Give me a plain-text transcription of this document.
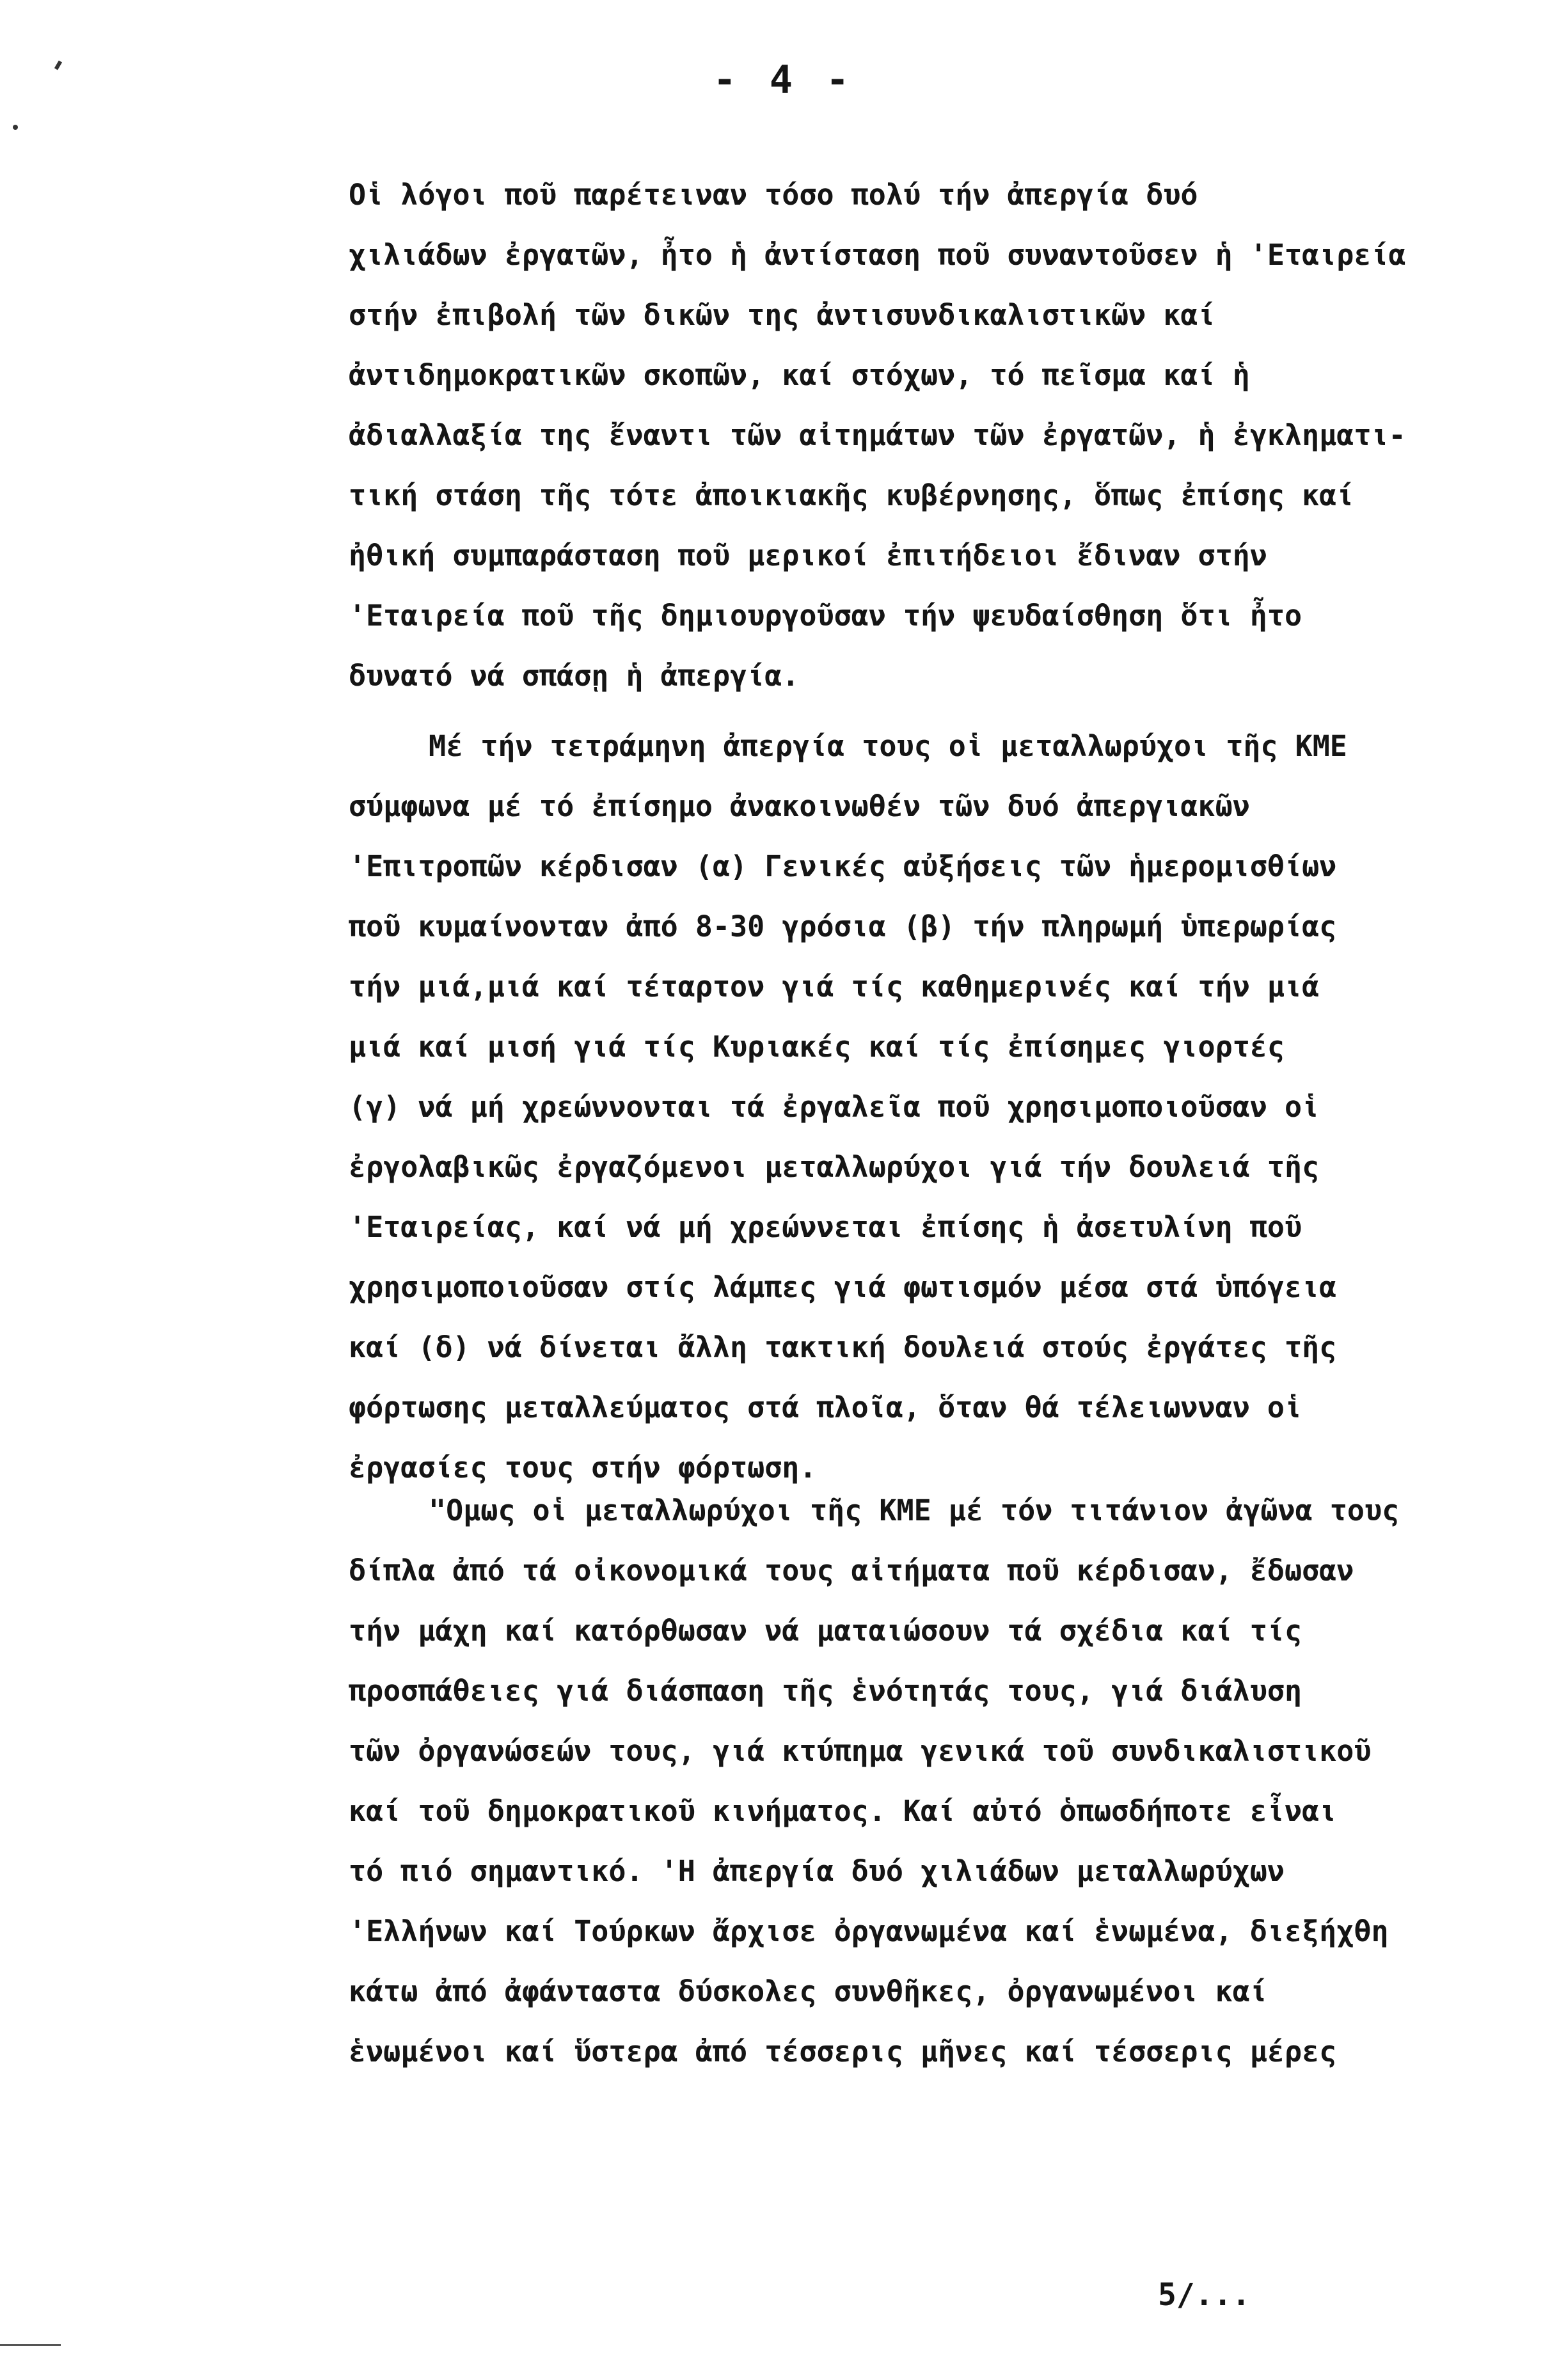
- 4 -

Οἱ λόγοι ποῦ παρέτειναν τόσο πολύ τήν ἀπεργία δυό
χιλιάδων ἐργατῶν, ἦτο ἡ ἀντίσταση ποῦ συναντοῦσεν ἡ 'Εταιρεία
στήν ἐπιβολή τῶν δικῶν της ἀντισυνδικαλιστικῶν καί
ἀντιδημοκρατικῶν σκοπῶν, καί στόχων, τό πεῖσμα καί ἡ
ἀδιαλλαξία της ἔναντι τῶν αἰτημάτων τῶν ἐργατῶν, ἡ ἐγκληματι-
τική στάση τῆς τότε ἀποικιακῆς κυβέρνησης, ὅπως ἐπίσης καί
ἠθική συμπαράσταση ποῦ μερικοί ἐπιτήδειοι ἔδιναν στήν
'Εταιρεία ποῦ τῆς δημιουργοῦσαν τήν ψευδαίσθηση ὅτι ἦτο
δυνατό νά σπάσῃ ἡ ἀπεργία.

Μέ τήν τετράμηνη ἀπεργία τους οἱ μεταλλωρύχοι τῆς ΚΜΕ
σύμφωνα μέ τό ἐπίσημο ἀνακοινωθέν τῶν δυό ἀπεργιακῶν
'Επιτροπῶν κέρδισαν (α) Γενικές αὐξήσεις τῶν ἡμερομισθίων
ποῦ κυμαίνονταν ἀπό 8-30 γρόσια (β) τήν πληρωμή ὑπερωρίας
τήν μιά,μιά καί τέταρτον γιά τίς καθημερινές καί τήν μιά
μιά καί μισή γιά τίς Κυριακές καί τίς ἐπίσημες γιορτές
(γ) νά μή χρεώννονται τά ἐργαλεῖα ποῦ χρησιμοποιοῦσαν οἱ
ἐργολαβικῶς ἐργαζόμενοι μεταλλωρύχοι γιά τήν δουλειά τῆς
'Εταιρείας, καί νά μή χρεώννεται ἐπίσης ἡ ἀσετυλίνη ποῦ
χρησιμοποιοῦσαν στίς λάμπες γιά φωτισμόν μέσα στά ὑπόγεια
καί (δ) νά δίνεται ἄλλη τακτική δουλειά στούς ἐργάτες τῆς
φόρτωσης μεταλλεύματος στά πλοῖα, ὅταν θά τέλειωνναν οἱ
ἐργασίες τους στήν φόρτωση.

"Ομως οἱ μεταλλωρύχοι τῆς ΚΜΕ μέ τόν τιτάνιον ἀγῶνα τους
δίπλα ἀπό τά οἰκονομικά τους αἰτήματα ποῦ κέρδισαν, ἔδωσαν
τήν μάχη καί κατόρθωσαν νά ματαιώσουν τά σχέδια καί τίς
προσπάθειες γιά διάσπαση τῆς ἑνότητάς τους, γιά διάλυση
τῶν ὀργανώσεών τους, γιά κτύπημα γενικά τοῦ συνδικαλιστικοῦ
καί τοῦ δημοκρατικοῦ κινήματος. Καί αὐτό ὁπωσδήποτε εἶναι
τό πιό σημαντικό. 'Η ἀπεργία δυό χιλιάδων μεταλλωρύχων
'Ελλήνων καί Τούρκων ἄρχισε ὀργανωμένα καί ἑνωμένα, διεξήχθη
κάτω ἀπό ἀφάνταστα δύσκολες συνθῆκες, ὀργανωμένοι καί
ἑνωμένοι καί ὕστερα ἀπό τέσσερις μῆνες καί τέσσερις μέρες

5/...
